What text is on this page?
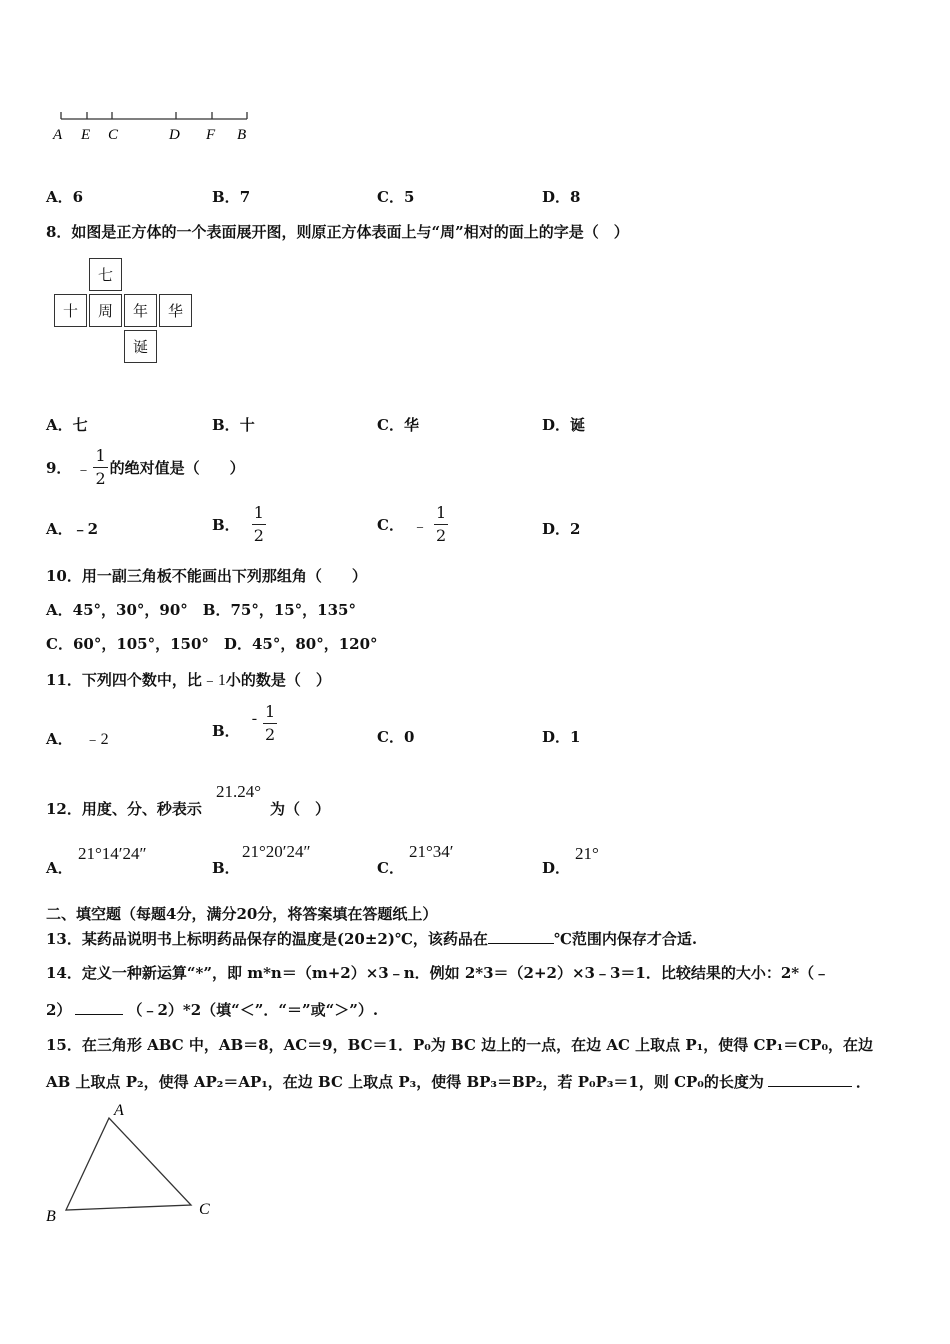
A E C	D F B
A．6	B．7	C．5	D．8
8．如图是正方体的一个表面展开图，则原正方体表面上与“周”相对的面上的字是（　）
七
十	周	年	华
诞
A．七	B．十	C．华	D．诞
9． ﹣ $\frac{1}{2}$ 的绝对值是（　　）
A．﹣2	B． $\frac{1}{2}$	C． ﹣ $\frac{1}{2}$	D．2
10．用一副三角板不能画出下列那组角（　　）
A．45°，30°，90°　B．75°，15°，135°
C．60°，105°，150°　D．45°，80°，120°
11．下列四个数中，比﹣1小的数是（　）
A． ﹣2	B．
- $\frac{1}{2}$	C．0	D．1
12．用度、分、秒表示
21.24°
为（　）
A．
21°14′24″
B．
21°20′24″
C．
21°34′
D．
21°
二、填空题（每题4分，满分20分，将答案填在答题纸上）
13．某药品说明书上标明药品保存的温度是(20±2)℃，该药品在	℃范围内保存才合适.
14．定义一种新运算“*”，即 m*n＝（m+2）×3﹣n．例如 2*3＝（2+2）×3﹣3＝1．比较结果的大小：2*（﹣
2）	（﹣2）*2（填“＜”．“＝”或“＞”）.
15．在三角形 ABC 中，AB＝8，AC＝9，BC＝1．P₀为 BC 边上的一点，在边 AC 上取点 P₁，使得 CP₁＝CP₀，在边
AB 上取点 P₂，使得 AP₂＝AP₁，在边 BC 上取点 P₃，使得 BP₃＝BP₂，若 P₀P₃＝1，则 CP₀的长度为	．
A
B	C
